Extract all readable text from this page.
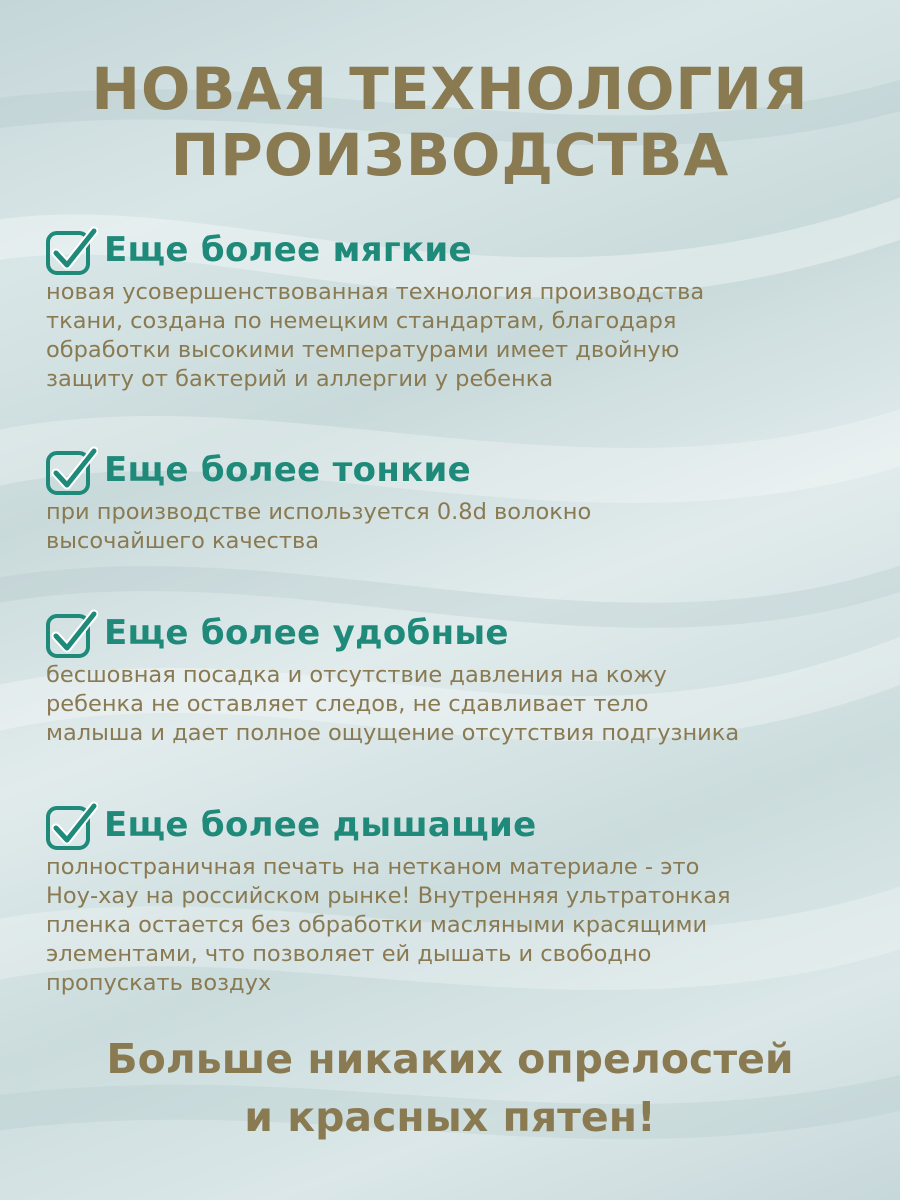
НОВАЯ ТЕХНОЛОГИЯ
ПРОИЗВОДСТВА
Еще более мягкие
новая усовершенствованная технология производства
ткани, создана по немецким стандартам, благодаря
обработки высокими температурами имеет двойную
защиту от бактерий и аллергии у ребенка
Еще более тонкие
при производстве используется 0.8d волокно
высочайшего качества
Еще более удобные
бесшовная посадка и отсутствие давления на кожу
ребенка не оставляет следов, не сдавливает тело
малыша и дает полное ощущение отсутствия подгузника
Еще более дышащие
полностраничная печать на нетканом материале - это
Ноу-хау на российском рынке! Внутренняя ультратонкая
пленка остается без обработки масляными красящими
элементами, что позволяет ей дышать и свободно
пропускать воздух
Больше никаких опрелостей
и красных пятен!
